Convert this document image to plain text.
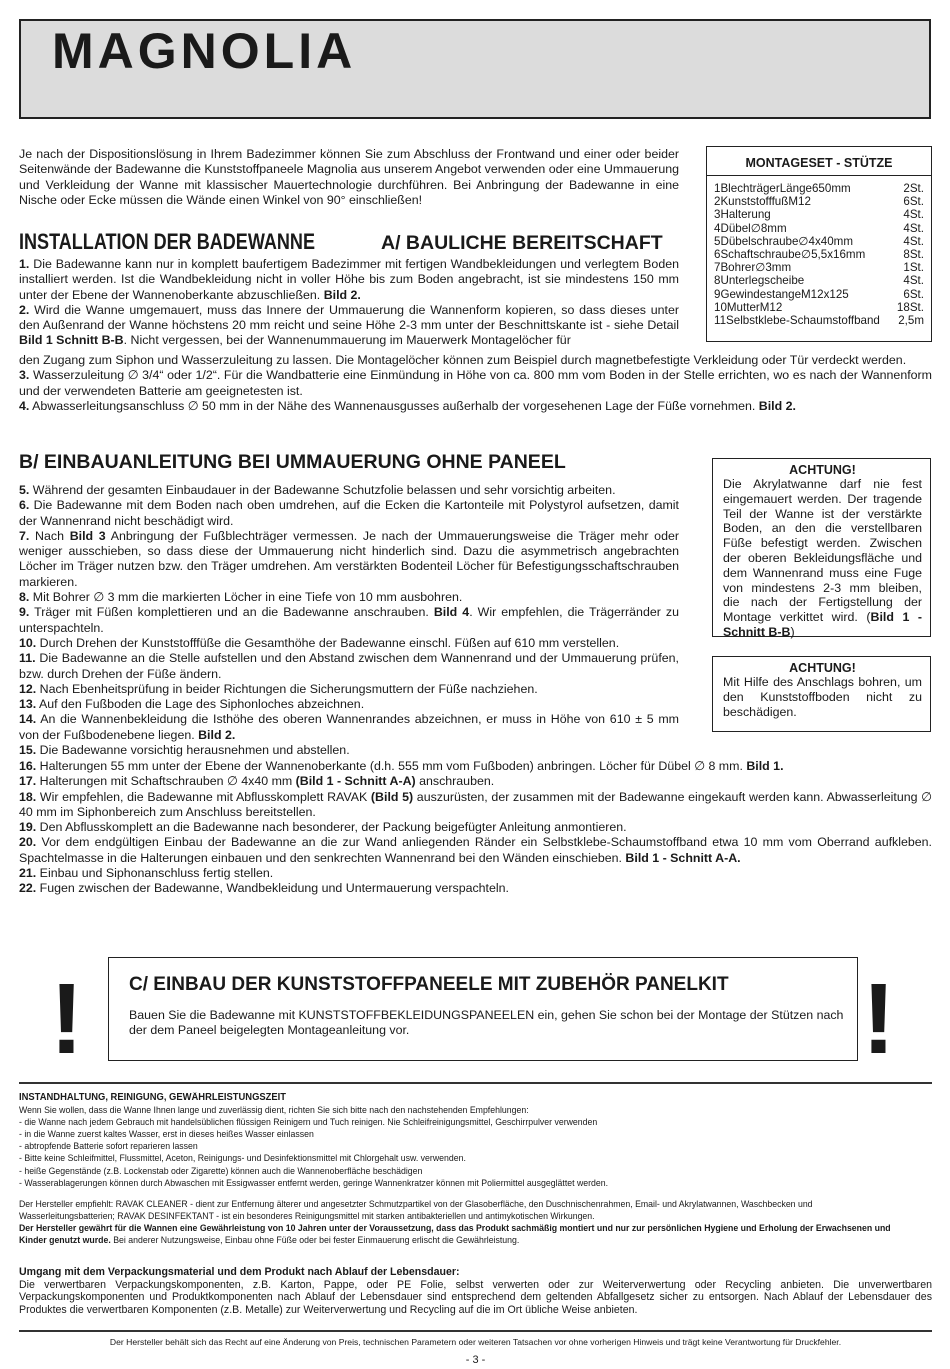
MAGNOLIA

Je nach der Dispositionslösung in Ihrem Badezimmer können Sie zum Abschluss der Frontwand und einer oder beider Seitenwände der Badewanne die Kunststoffpaneele Magnolia aus unserem Angebot verwenden oder eine Ummauerung und Verkleidung der Wanne mit klassischer Mauertechnologie durchführen. Bei Anbringung der Badewanne in eine Nische oder Ecke müssen die Wände einen Winkel von 90° einschließen!

MONTAGESET - STÜTZE

1BlechträgerLänge650mm	2St.
2KunststofffußM12	6St.
3Halterung	4St.
4Dübel∅8mm	4St.
5Dübelschraube∅4x40mm	4St.
6Schaftschraube∅5,5x16mm	8St.
7Bohrer∅3mm	1St.
8Unterlegscheibe	4St.
9GewindestangeM12x125	6St.
10MutterM12	18St.
11Selbstklebe-Schaumstoffband 2,5m
INSTALLATION DER BADEWANNE	A/ BAULICHE BEREITSCHAFT

1. Die Badewanne kann nur in komplett baufertigem Badezimmer mit fertigen Wandbekleidungen und verlegtem Boden installiert werden. Ist die Wandbekleidung nicht in voller Höhe bis zum Boden angebracht, ist sie mindestens 150 mm unter der Ebene der Wannenoberkante abzuschließen. Bild 2.

2. Wird die Wanne umgemauert, muss das Innere der Ummauerung die Wannenform kopieren, so dass dieses unter den Außenrand der Wanne höchstens 20 mm reicht und seine Höhe 2-3 mm unter der Beschnittskante ist - siehe Detail Bild 1 Schnitt B-B. Nicht vergessen, bei der Wannenummauerung im Mauerwerk Montagelöcher für

den Zugang zum Siphon und Wasserzuleitung zu lassen. Die Montagelöcher können zum Beispiel durch magnetbefestigte Verkleidung oder Tür verdeckt werden.

3. Wasserzuleitung ∅ 3/4“ oder 1/2“. Für die Wandbatterie eine Einmündung in Höhe von ca. 800 mm vom Boden in der Stelle errichten, wo es nach der Wannenform und der verwendeten Batterie am geeignetesten ist.

4. Abwasserleitungsanschluss ∅ 50 mm in der Nähe des Wannenausgusses außerhalb der vorgesehenen Lage der Füße vornehmen. Bild 2.

B/ EINBAUANLEITUNG BEI UMMAUERUNG OHNE PANEEL	ACHTUNG!

Die Akrylatwanne darf nie fest eingemauert werden. Der tragende Teil der Wanne ist der verstärkte Boden, an den die verstellbaren Füße befestigt werden. Zwischen der oberen Bekleidungsfläche und dem Wannenrand muss eine Fuge von mindestens 2-3 mm bleiben, die nach der Fertigstellung der Montage verkittet wird. (Bild 1 - Schnitt B-B)

ACHTUNG!

Mit Hilfe des Anschlags bohren, um den Kunststoffboden nicht zu beschädigen.

5. Während der gesamten Einbaudauer in der Badewanne Schutzfolie belassen und sehr vorsichtig arbeiten.

6. Die Badewanne mit dem Boden nach oben umdrehen, auf die Ecken die Kartonteile mit Polystyrol aufsetzen, damit der Wannenrand nicht beschädigt wird.

7. Nach Bild 3 Anbringung der Fußblechträger vermessen. Je nach der Ummauerungsweise die Träger mehr oder weniger ausschieben, so dass diese der Ummauerung nicht hinderlich sind. Dazu die asymmetrisch angebrachten Löcher im Träger nutzen bzw. den Träger umdrehen. Am verstärkten Bodenteil Löcher für Befestigungsschaftschrauben markieren.

8. Mit Bohrer ∅ 3 mm die markierten Löcher in eine Tiefe von 10 mm ausbohren.

9. Träger mit Füßen komplettieren und an die Badewanne anschrauben. Bild 4. Wir empfehlen, die Trägerränder zu unterspachteln.

10. Durch Drehen der Kunststofffüße die Gesamthöhe der Badewanne einschl. Füßen auf 610 mm verstellen.

11. Die Badewanne an die Stelle aufstellen und den Abstand zwischen dem Wannenrand und der Ummauerung prüfen, bzw. durch Drehen der Füße ändern.

12. Nach Ebenheitsprüfung in beider Richtungen die Sicherungsmuttern der Füße nachziehen.

13. Auf den Fußboden die Lage des Siphonloches abzeichnen.

14. An die Wannenbekleidung die Isthöhe des oberen Wannenrandes abzeichnen, er muss in Höhe von 610 ± 5 mm von der Fußbodenebene liegen. Bild 2.

15. Die Badewanne vorsichtig herausnehmen und abstellen.

16. Halterungen 55 mm unter der Ebene der Wannenoberkante (d.h. 555 mm vom Fußboden) anbringen. Löcher für Dübel ∅ 8 mm. Bild 1.

17. Halterungen mit Schaftschrauben ∅ 4x40 mm (Bild 1 - Schnitt A-A) anschrauben.

18. Wir empfehlen, die Badewanne mit Abflusskomplett RAVAK (Bild 5) auszurüsten, der zusammen mit der Badewanne eingekauft werden kann. Abwasserleitung ∅ 40 mm im Siphonbereich zum Anschluss bereitstellen.

19. Den Abflusskomplett an die Badewanne nach besonderer, der Packung beigefügter Anleitung anmontieren.

20. Vor dem endgültigen Einbau der Badewanne an die zur Wand anliegenden Ränder ein Selbstklebe-Schaumstoffband etwa 10 mm vom Oberrand aufkleben. Spachtelmasse in die Halterungen einbauen und den senkrechten Wannenrand bei den Wänden einschieben. Bild 1 - Schnitt A-A.

21. Einbau und Siphonanschluss fertig stellen.

22. Fugen zwischen der Badewanne, Wandbekleidung und Untermauerung verspachteln.

! C/ EINBAU DER KUNSTSTOFFPANEELE MIT ZUBEHÖR PANELKIT

Bauen Sie die Badewanne mit KUNSTSTOFFBEKLEIDUNGSPANEELEN ein, gehen Sie schon bei der Montage der Stützen nach der dem Paneel beigelegten Montageanleitung vor.	!

INSTANDHALTUNG, REINIGUNG, GEWÄHRLEISTUNGSZEIT

Wenn Sie wollen, dass die Wanne Ihnen lange und zuverlässig dient, richten Sie sich bitte nach den nachstehenden Empfehlungen:

- die Wanne nach jedem Gebrauch mit handelsüblichen flüssigen Reinigern und Tuch reinigen. Nie Schleifreinigungsmittel, Geschirrpulver verwenden

- in die Wanne zuerst kaltes Wasser, erst in dieses heißes Wasser einlassen

- abtropfende Batterie sofort reparieren lassen

- Bitte keine Schleifmittel, Flussmittel, Aceton, Reinigungs- und Desinfektionsmittel mit Chlorgehalt usw. verwenden.

- heiße Gegenstände (z.B. Lockenstab oder Zigarette) können auch die Wannenoberfläche beschädigen

- Wasserablagerungen können durch Abwaschen mit Essigwasser entfernt werden, geringe Wannenkratzer können mit Poliermittel ausgeglättet werden.

Der Hersteller empfiehlt: RAVAK CLEANER - dient zur Entfernung älterer und angesetzter Schmutzpartikel von der Glasoberfläche, den Duschnischenrahmen, Email- und Akrylatwannen, Waschbecken und

Wasserleitungsbatterien; RAVAK DESINFEKTANT - ist ein besonderes Reinigungsmittel mit starken antibakteriellen und antimykotischen Wirkungen.

Der Hersteller gewährt für die Wannen eine Gewährleistung von 10 Jahren unter der Voraussetzung, dass das Produkt sachmäßig montiert und nur zur persönlichen Hygiene und Erholung der Erwachsenen und

Kinder genutzt wurde. Bei anderer Nutzungsweise, Einbau ohne Füße oder bei fester Einmauerung erlischt die Gewährleistung.

Umgang mit dem Verpackungsmaterial und dem Produkt nach Ablauf der Lebensdauer:

Die verwertbaren Verpackungskomponenten, z.B. Karton, Pappe, oder PE Folie, selbst verwerten oder zur Weiterverwertung oder Recycling anbieten. Die unverwertbaren Verpackungskomponenten und Produktkomponenten nach Ablauf der Lebensdauer sind entsprechend dem geltenden Abfallgesetz sicher zu entsorgen. Nach Ablauf der Lebensdauer des Produktes die verwertbaren Komponenten (z.B. Metalle) zur Weiterverwertung und Recycling auf die im Ort übliche Weise anbieten.

Der Hersteller behält sich das Recht auf eine Änderung von Preis, technischen Parametern oder weiteren Tatsachen vor ohne vorherigen Hinweis und trägt keine Verantwortung für Druckfehler.

- 3 -
